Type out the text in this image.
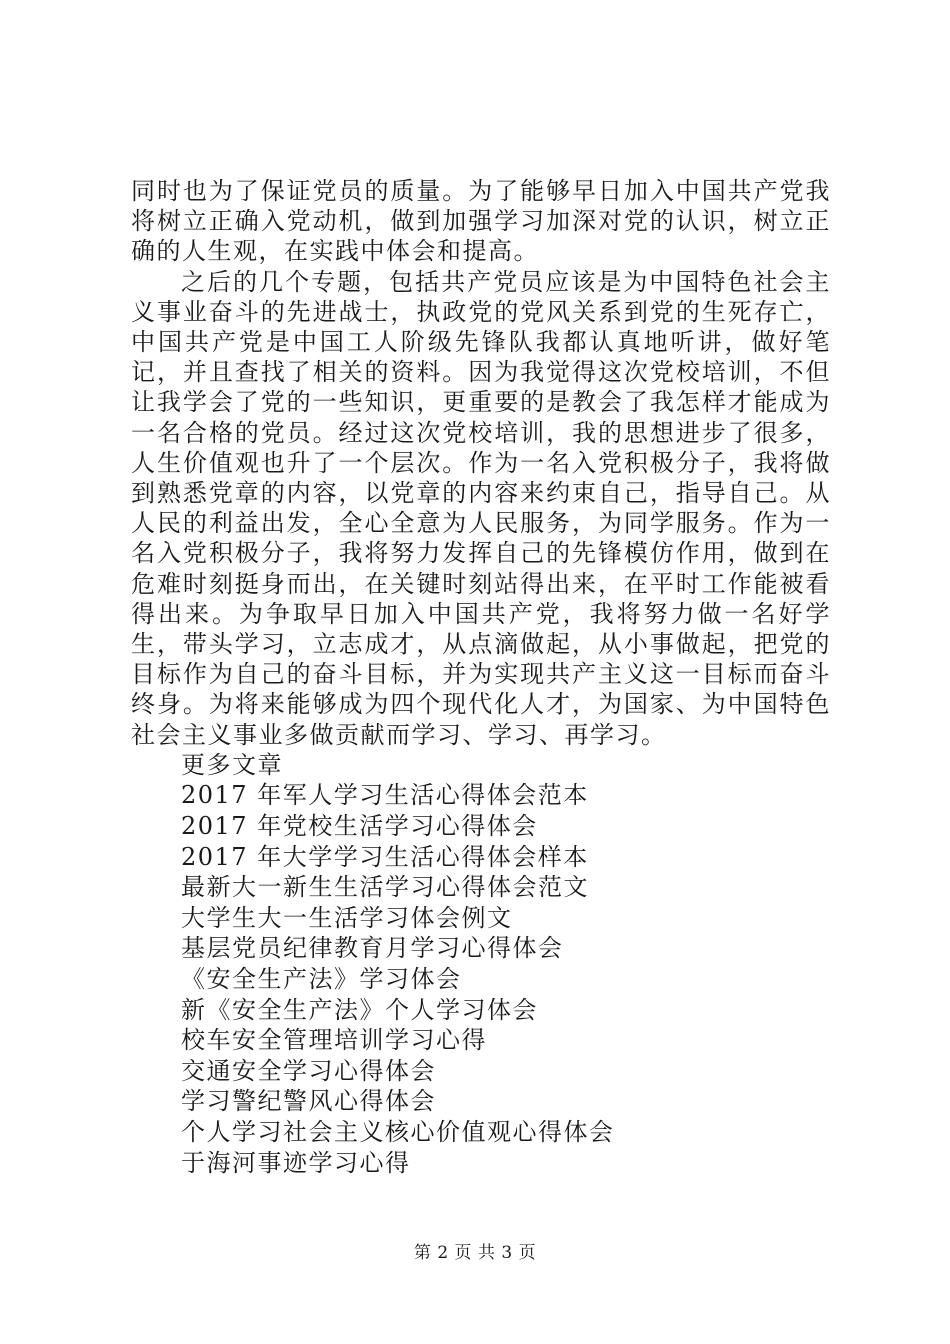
同时也为了保证党员的质量。为了能够早日加入中国共产党我将树立正确入党动机，做到加强学习加深对党的认识，树立正确的人生观，在实践中体会和提高。

之后的几个专题，包括共产党员应该是为中国特色社会主义事业奋斗的先进战士，执政党的党风关系到党的生死存亡，中国共产党是中国工人阶级先锋队我都认真地听讲，做好笔记，并且查找了相关的资料。因为我觉得这次党校培训，不但让我学会了党的一些知识，更重要的是教会了我怎样才能成为一名合格的党员。经过这次党校培训，我的思想进步了很多，人生价值观也升了一个层次。作为一名入党积极分子，我将做到熟悉党章的内容，以党章的内容来约束自己，指导自己。从人民的利益出发，全心全意为人民服务，为同学服务。作为一名入党积极分子，我将努力发挥自己的先锋模仿作用，做到在危难时刻挺身而出，在关键时刻站得出来，在平时工作能被看得出来。为争取早日加入中国共产党，我将努力做一名好学生，带头学习，立志成才，从点滴做起，从小事做起，把党的目标作为自己的奋斗目标，并为实现共产主义这一目标而奋斗终身。为将来能够成为四个现代化人才，为国家、为中国特色社会主义事业多做贡献而学习、学习、再学习。

更多文章

2017 年军人学习生活心得体会范本
2017 年党校生活学习心得体会
2017 年大学学习生活心得体会样本
最新大一新生生活学习心得体会范文
大学生大一生活学习体会例文
基层党员纪律教育月学习心得体会
《安全生产法》学习体会
新《安全生产法》个人学习体会
校车安全管理培训学习心得
交通安全学习心得体会
学习警纪警风心得体会
个人学习社会主义核心价值观心得体会
于海河事迹学习心得
第 2 页 共 3 页
